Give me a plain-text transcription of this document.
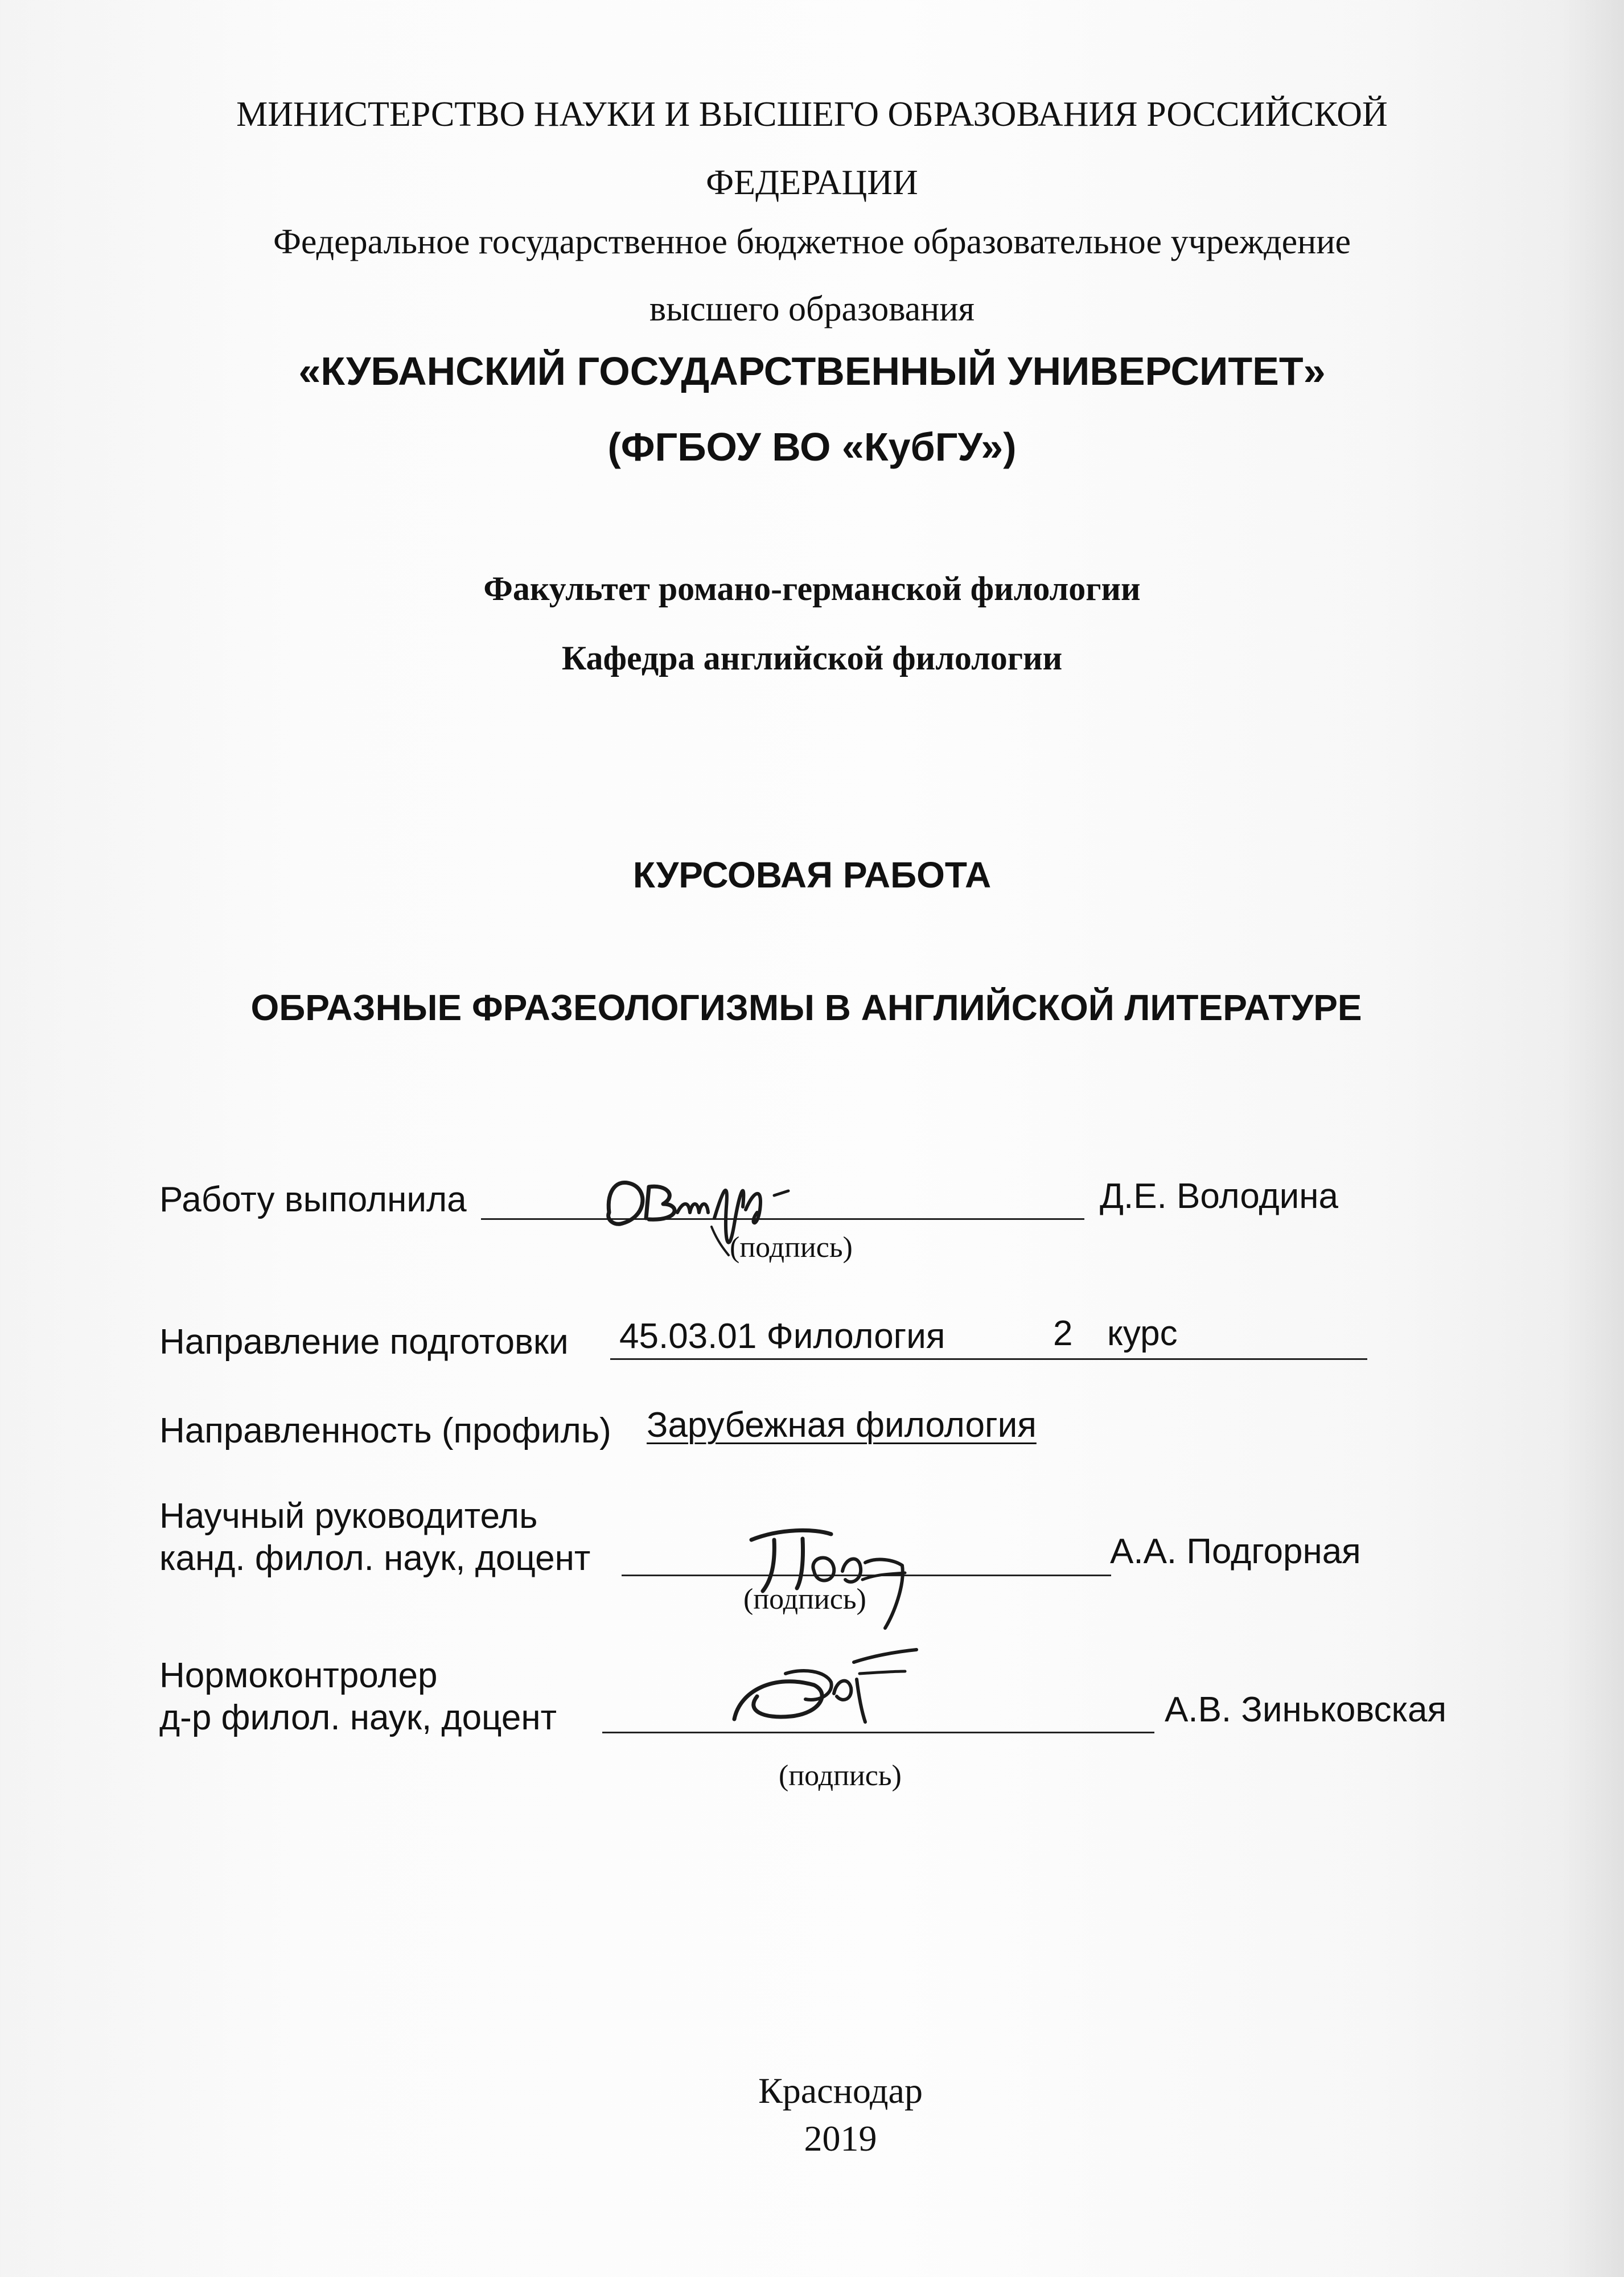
МИНИСТЕРСТВО НАУКИ И ВЫСШЕГО ОБРАЗОВАНИЯ РОССИЙСКОЙ
ФЕДЕРАЦИИ
Федеральное государственное бюджетное образовательное учреждение
высшего образования
«КУБАНСКИЙ ГОСУДАРСТВЕННЫЙ УНИВЕРСИТЕТ»
(ФГБОУ ВО «КубГУ»)
Факультет романо-германской филологии
Кафедра английской филологии
КУРСОВАЯ РАБОТА
ОБРАЗНЫЕ ФРАЗЕОЛОГИЗМЫ В АНГЛИЙСКОЙ ЛИТЕРАТУРЕ
Работу выполнила	Д.Е. Володина
(подпись)
Направление подготовки 45.03.01 Филология	2 курс
Направленность (профиль) Зарубежная филология
Научный руководитель
канд. филол. наук, доцент	А.А. Подгорная
(подпись)
Нормоконтролер
д-р филол. наук, доцент	А.В. Зиньковская
(подпись)
Краснодар
2019
